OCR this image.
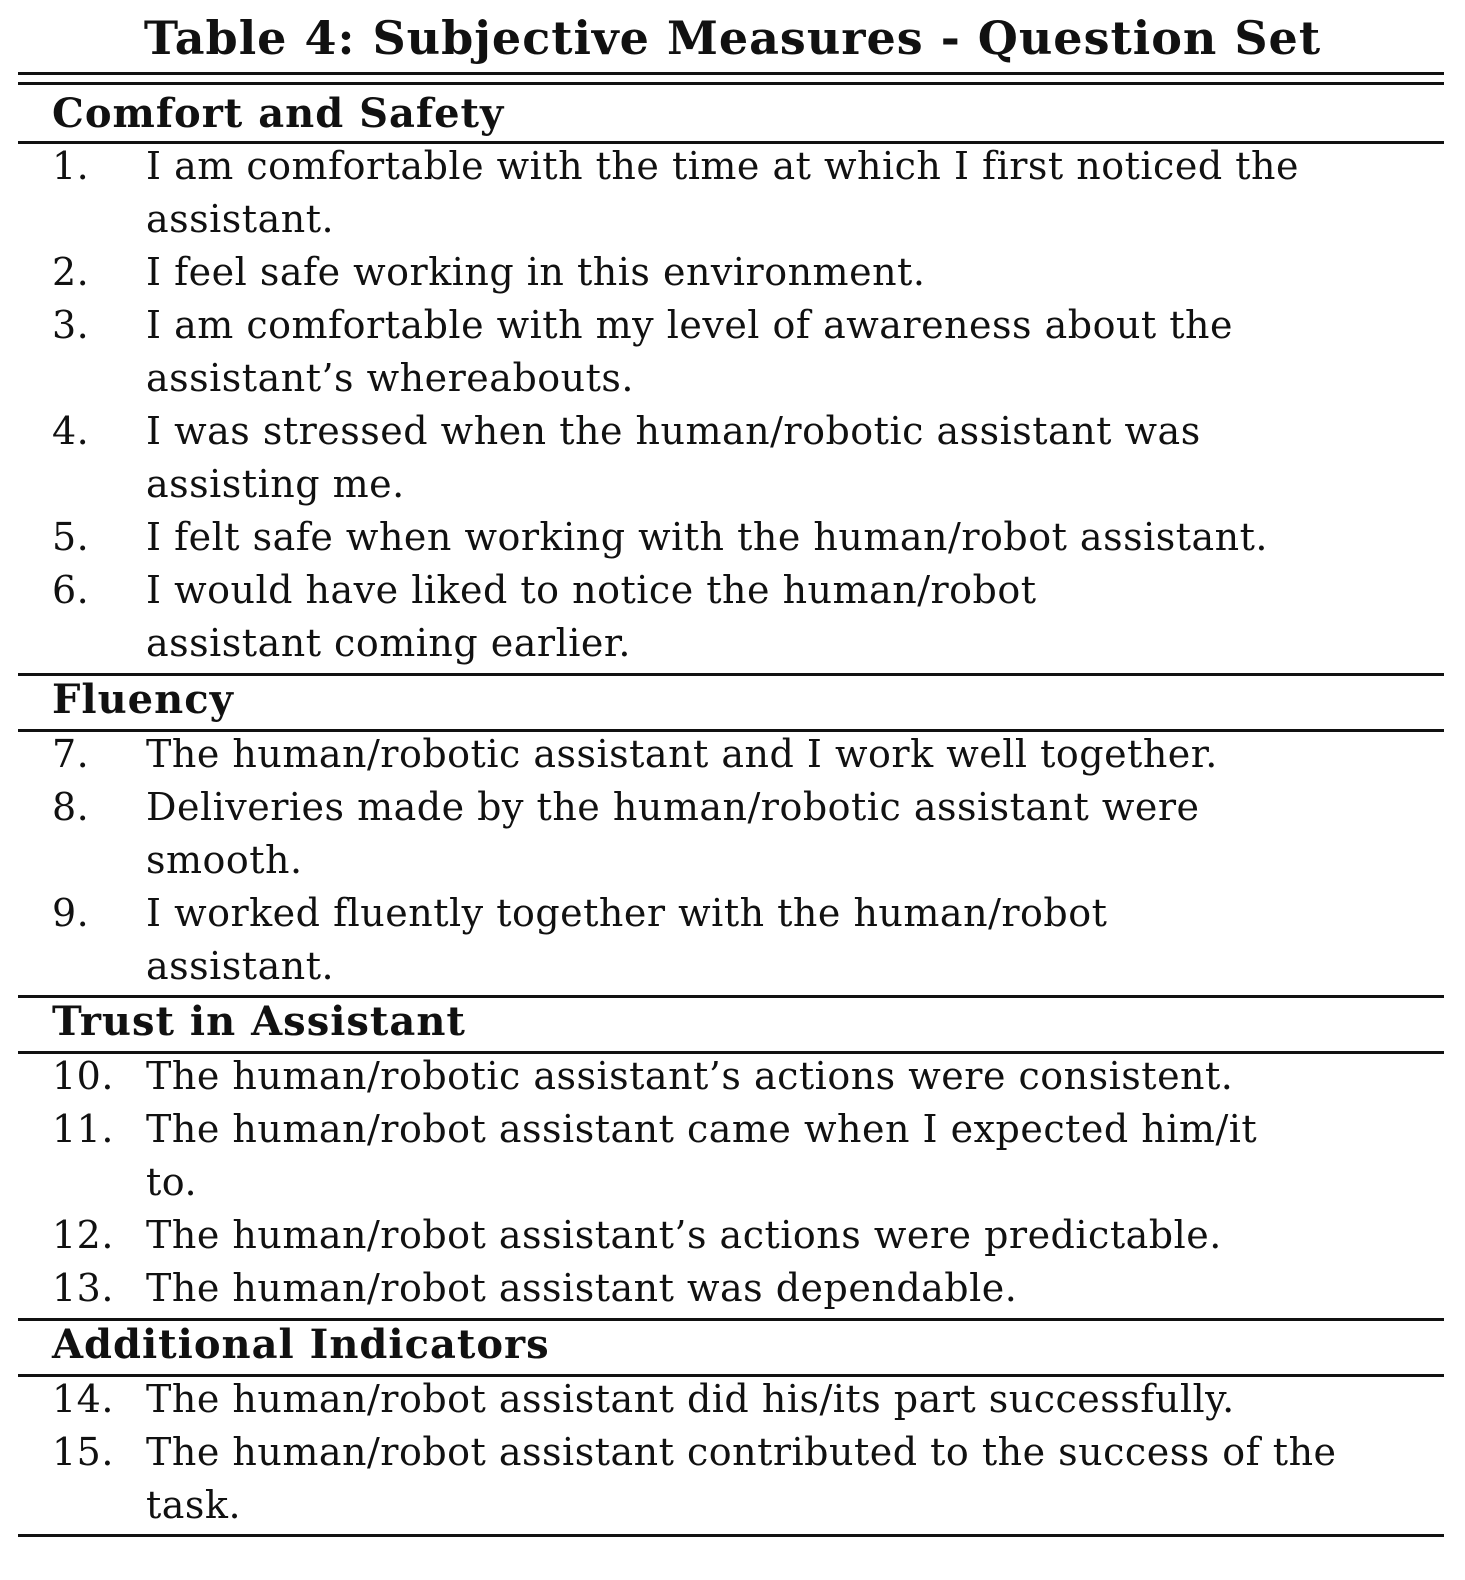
Table 4: Subjective Measures - Question Set
Comfort and Safety
1.	I am comfortable with the time at which I first noticed the assistant.
2.	I feel safe working in this environment.
3.	I am comfortable with my level of awareness about the assistant’s whereabouts.
4.	I was stressed when the human/robotic assistant was assisting me.
5.	I felt safe when working with the human/robot assistant.
6.	I would have liked to notice the human/robot assistant coming earlier.
Fluency
7.	The human/robotic assistant and I work well together.
8.	Deliveries made by the human/robotic assistant were smooth.
9.	I worked fluently together with the human/robot assistant.
Trust in Assistant
10. The human/robotic assistant’s actions were consistent.
11. The human/robot assistant came when I expected him/it to.
12. The human/robot assistant’s actions were predictable.
13. The human/robot assistant was dependable.
Additional Indicators
14. The human/robot assistant did his/its part successfully.
15. The human/robot assistant contributed to the success of the task.
